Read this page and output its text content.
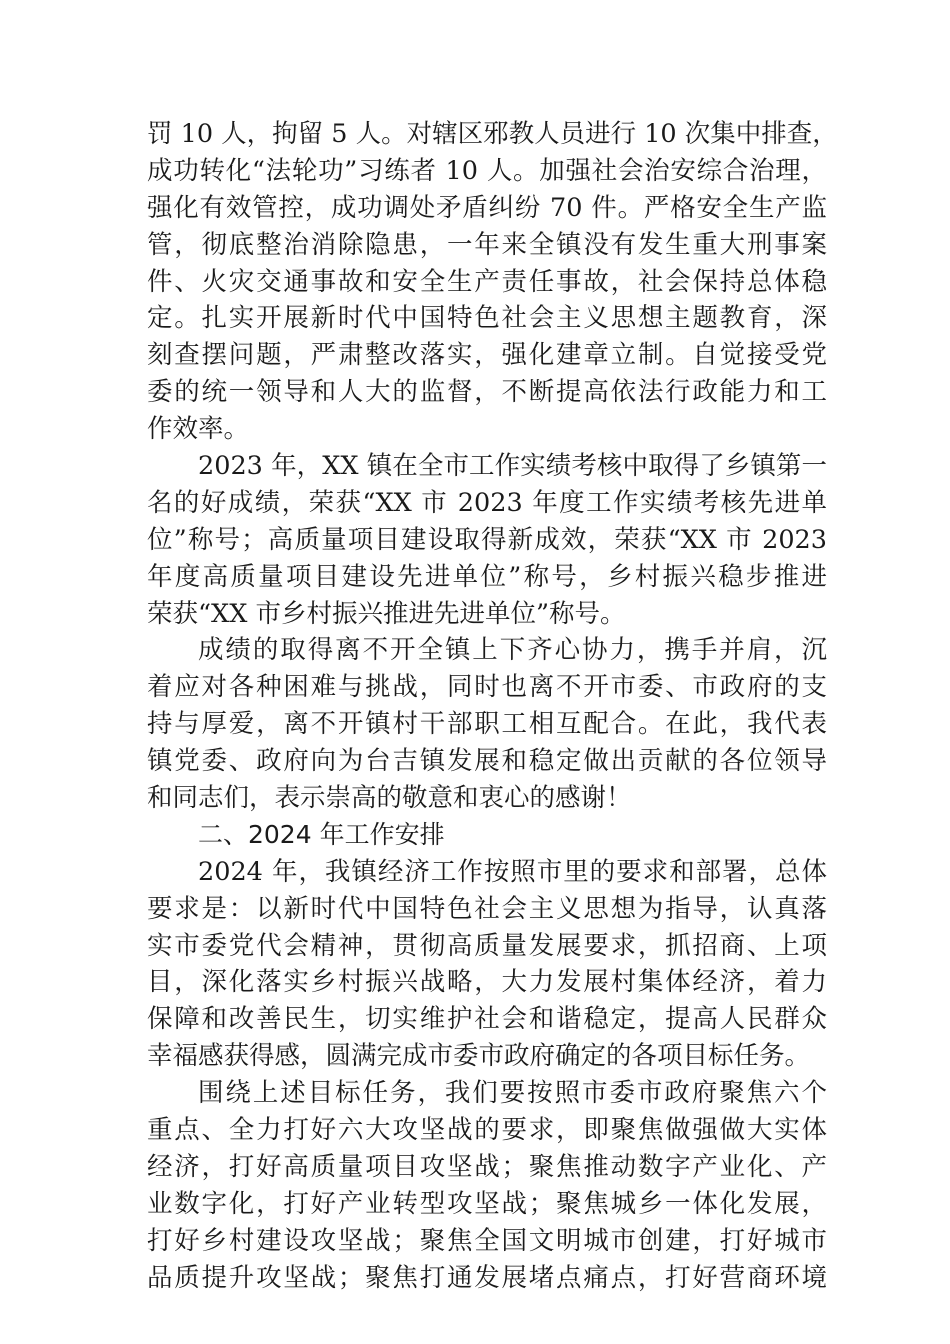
罚 10 人，拘留 5 人。对辖区邪教人员进行 10 次集中排查，
成功转化“法轮功”习练者 10 人。加强社会治安综合治理，
强化有效管控，成功调处矛盾纠纷 70 件。严格安全生产监
管，彻底整治消除隐患，一年来全镇没有发生重大刑事案
件、火灾交通事故和安全生产责任事故，社会保持总体稳
定。扎实开展新时代中国特色社会主义思想主题教育，深
刻查摆问题，严肃整改落实，强化建章立制。自觉接受党
委的统一领导和人大的监督，不断提高依法行政能力和工
作效率。
2023 年，XX 镇在全市工作实绩考核中取得了乡镇第一
名的好成绩，荣获“XX 市 2023 年度工作实绩考核先进单
位”称号；高质量项目建设取得新成效，荣获“XX 市 2023
年度高质量项目建设先进单位”称号，乡村振兴稳步推进
荣获“XX 市乡村振兴推进先进单位”称号。
成绩的取得离不开全镇上下齐心协力，携手并肩，沉
着应对各种困难与挑战，同时也离不开市委、市政府的支
持与厚爱，离不开镇村干部职工相互配合。在此，我代表
镇党委、政府向为台吉镇发展和稳定做出贡献的各位领导
和同志们，表示崇高的敬意和衷心的感谢！
二、2024 年工作安排
2024 年，我镇经济工作按照市里的要求和部署，总体
要求是：以新时代中国特色社会主义思想为指导，认真落
实市委党代会精神，贯彻高质量发展要求，抓招商、上项
目，深化落实乡村振兴战略，大力发展村集体经济，着力
保障和改善民生，切实维护社会和谐稳定，提高人民群众
幸福感获得感，圆满完成市委市政府确定的各项目标任务。
围绕上述目标任务，我们要按照市委市政府聚焦六个
重点、全力打好六大攻坚战的要求，即聚焦做强做大实体
经济，打好高质量项目攻坚战；聚焦推动数字产业化、产
业数字化，打好产业转型攻坚战；聚焦城乡一体化发展，
打好乡村建设攻坚战；聚焦全国文明城市创建，打好城市
品质提升攻坚战；聚焦打通发展堵点痛点，打好营商环境
